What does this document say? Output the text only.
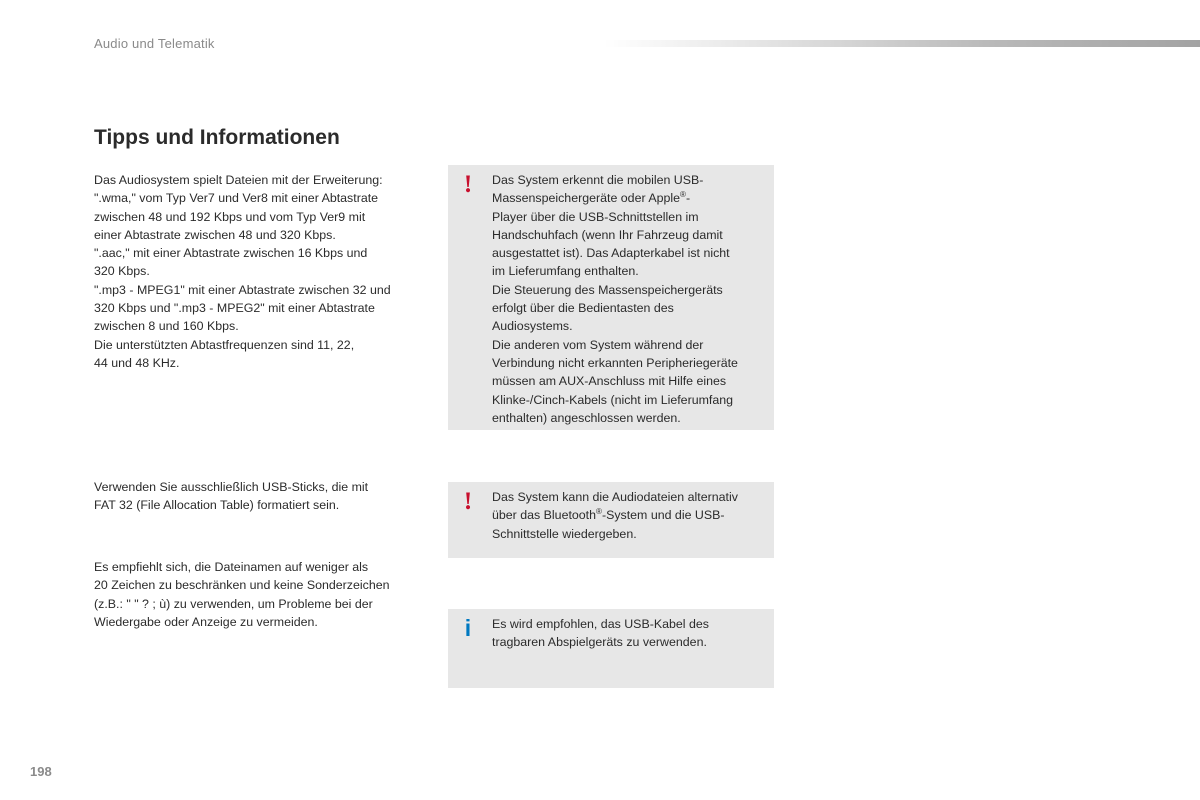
Audio und Telematik
Tipps und Informationen

Das Audiosystem spielt Dateien mit der Erweiterung:

".wma," vom Typ Ver7 und Ver8 mit einer Abtastrate

zwischen 48 und 192 Kbps und vom Typ Ver9 mit

einer Abtastrate zwischen 48 und 320 Kbps.

".aac," mit einer Abtastrate zwischen 16 Kbps und

320 Kbps.

".mp3 - MPEG1" mit einer Abtastrate zwischen 32 und

320 Kbps und ".mp3 - MPEG2" mit einer Abtastrate

zwischen 8 und 160 Kbps.

Die unterstützten Abtastfrequenzen sind 11, 22,

44 und 48 KHz.

Verwenden Sie ausschließlich USB-Sticks, die mit

FAT 32 (File Allocation Table) formatiert sein.

Es empfiehlt sich, die Dateinamen auf weniger als

20 Zeichen zu beschränken und keine Sonderzeichen

(z.B.: " " ? ; ù) zu verwenden, um Probleme bei der

Wiedergabe oder Anzeige zu vermeiden.

!	Das System erkennt die mobilen USB-

Massenspeichergeräte oder Apple®-

Player über die USB-Schnittstellen im

Handschuhfach (wenn Ihr Fahrzeug damit

ausgestattet ist). Das Adapterkabel ist nicht

im Lieferumfang enthalten.

Die Steuerung des Massenspeichergeräts

erfolgt über die Bedientasten des

Audiosystems.

Die anderen vom System während der

Verbindung nicht erkannten Peripheriegeräte

müssen am AUX-Anschluss mit Hilfe eines

Klinke-/Cinch-Kabels (nicht im Lieferumfang

enthalten) angeschlossen werden.

!	Das System kann die Audiodateien alternativ

über das Bluetooth®-System und die USB-

Schnittstelle wiedergeben.

i	Es wird empfohlen, das USB-Kabel des

tragbaren Abspielgeräts zu verwenden.

198
